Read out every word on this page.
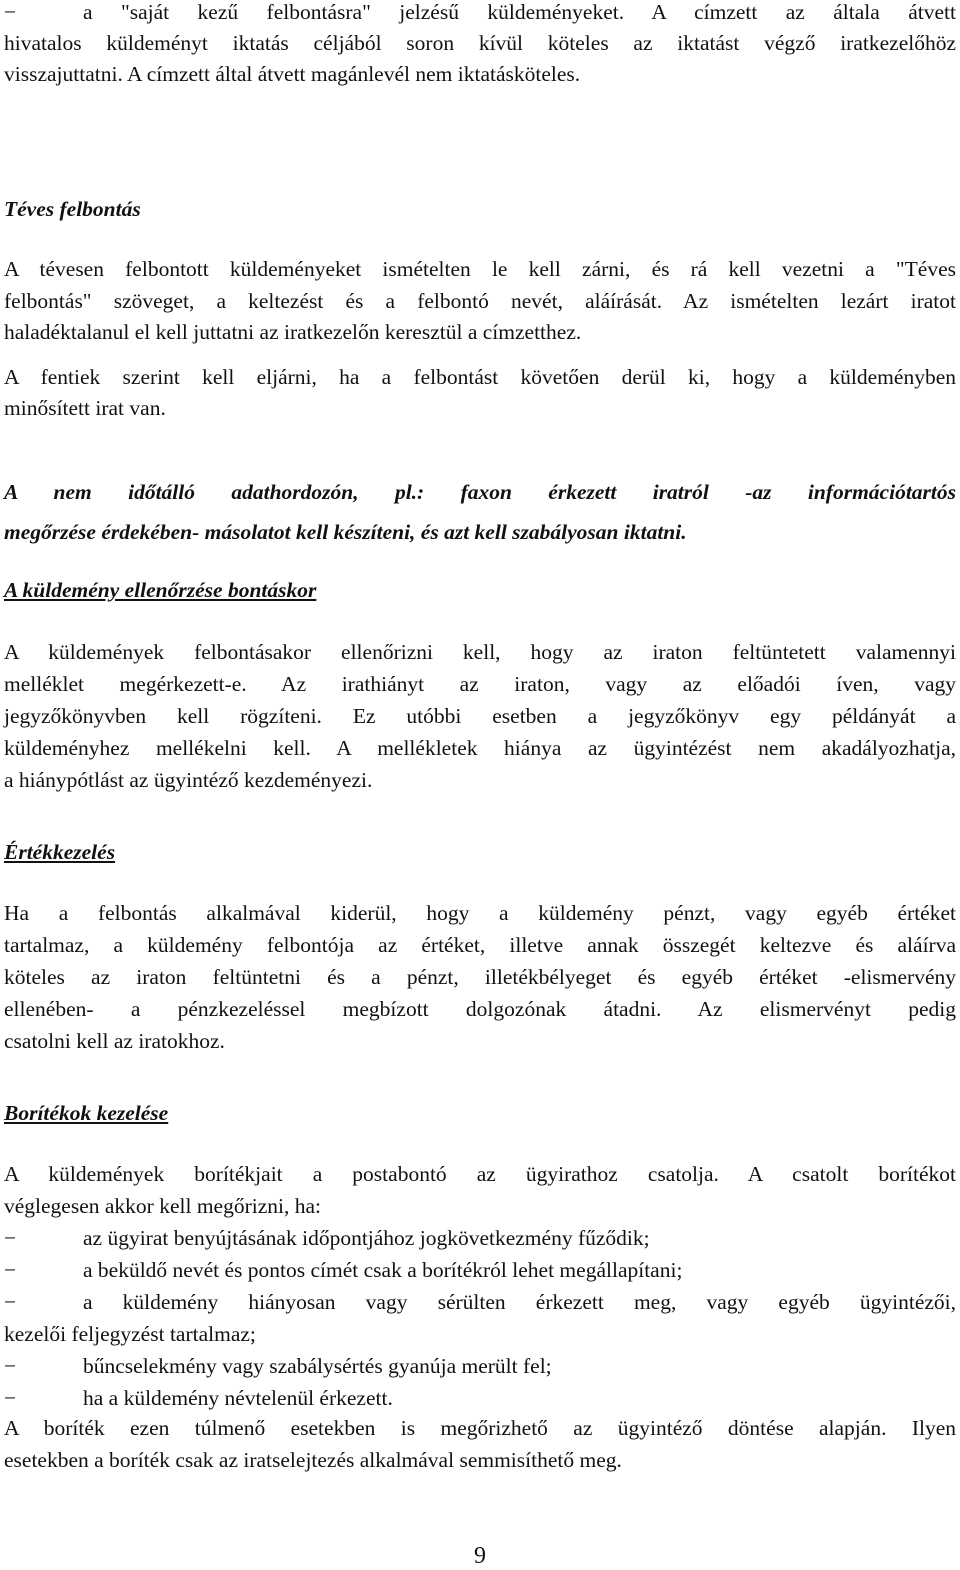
−	a "saját kezű felbontásra" jelzésű küldeményeket. A címzett az általa átvett
hivatalos küldeményt iktatás céljából soron kívül köteles az iktatást végző iratkezelőhöz
visszajuttatni. A címzett által átvett magánlevél nem iktatásköteles.
Téves felbontás
A tévesen felbontott küldeményeket ismételten le kell zárni, és rá kell vezetni a "Téves
felbontás" szöveget, a keltezést és a felbontó nevét, aláírását. Az ismételten lezárt iratot
haladéktalanul el kell juttatni az iratkezelőn keresztül a címzetthez.
A fentiek szerint kell eljárni, ha a felbontást követően derül ki, hogy a küldeményben
minősített irat van.
A nem időtálló adathordozón, pl.: faxon érkezett iratról -az információtartós
megőrzése érdekében- másolatot kell készíteni, és azt kell szabályosan iktatni.
A küldemény ellenőrzése bontáskor
A küldemények felbontásakor ellenőrizni kell, hogy az iraton feltüntetett valamennyi
melléklet megérkezett-e. Az irathiányt az iraton, vagy az előadói íven, vagy
jegyzőkönyvben kell rögzíteni. Ez utóbbi esetben a jegyzőkönyv egy példányát a
küldeményhez mellékelni kell. A mellékletek hiánya az ügyintézést nem akadályozhatja,
a hiánypótlást az ügyintéző kezdeményezi.
Értékkezelés
Ha a felbontás alkalmával kiderül, hogy a küldemény pénzt, vagy egyéb értéket
tartalmaz, a küldemény felbontója az értéket, illetve annak összegét keltezve és aláírva
köteles az iraton feltüntetni és a pénzt, illetékbélyeget és egyéb értéket -elismervény
ellenében- a pénzkezeléssel megbízott dolgozónak átadni. Az elismervényt pedig
csatolni kell az iratokhoz.
Borítékok kezelése
A küldemények borítékjait a postabontó az ügyirathoz csatolja. A csatolt borítékot
véglegesen akkor kell megőrizni, ha:
−	az ügyirat benyújtásának időpontjához jogkövetkezmény fűződik;
−	a beküldő nevét és pontos címét csak a borítékról lehet megállapítani;
−	a küldemény hiányosan vagy sérülten érkezett meg, vagy egyéb ügyintézői,
kezelői feljegyzést tartalmaz;
−	bűncselekmény vagy szabálysértés gyanúja merült fel;
−	ha a küldemény névtelenül érkezett.
A boríték ezen túlmenő esetekben is megőrizhető az ügyintéző döntése alapján. Ilyen
esetekben a boríték csak az iratselejtezés alkalmával semmisíthető meg.
9
